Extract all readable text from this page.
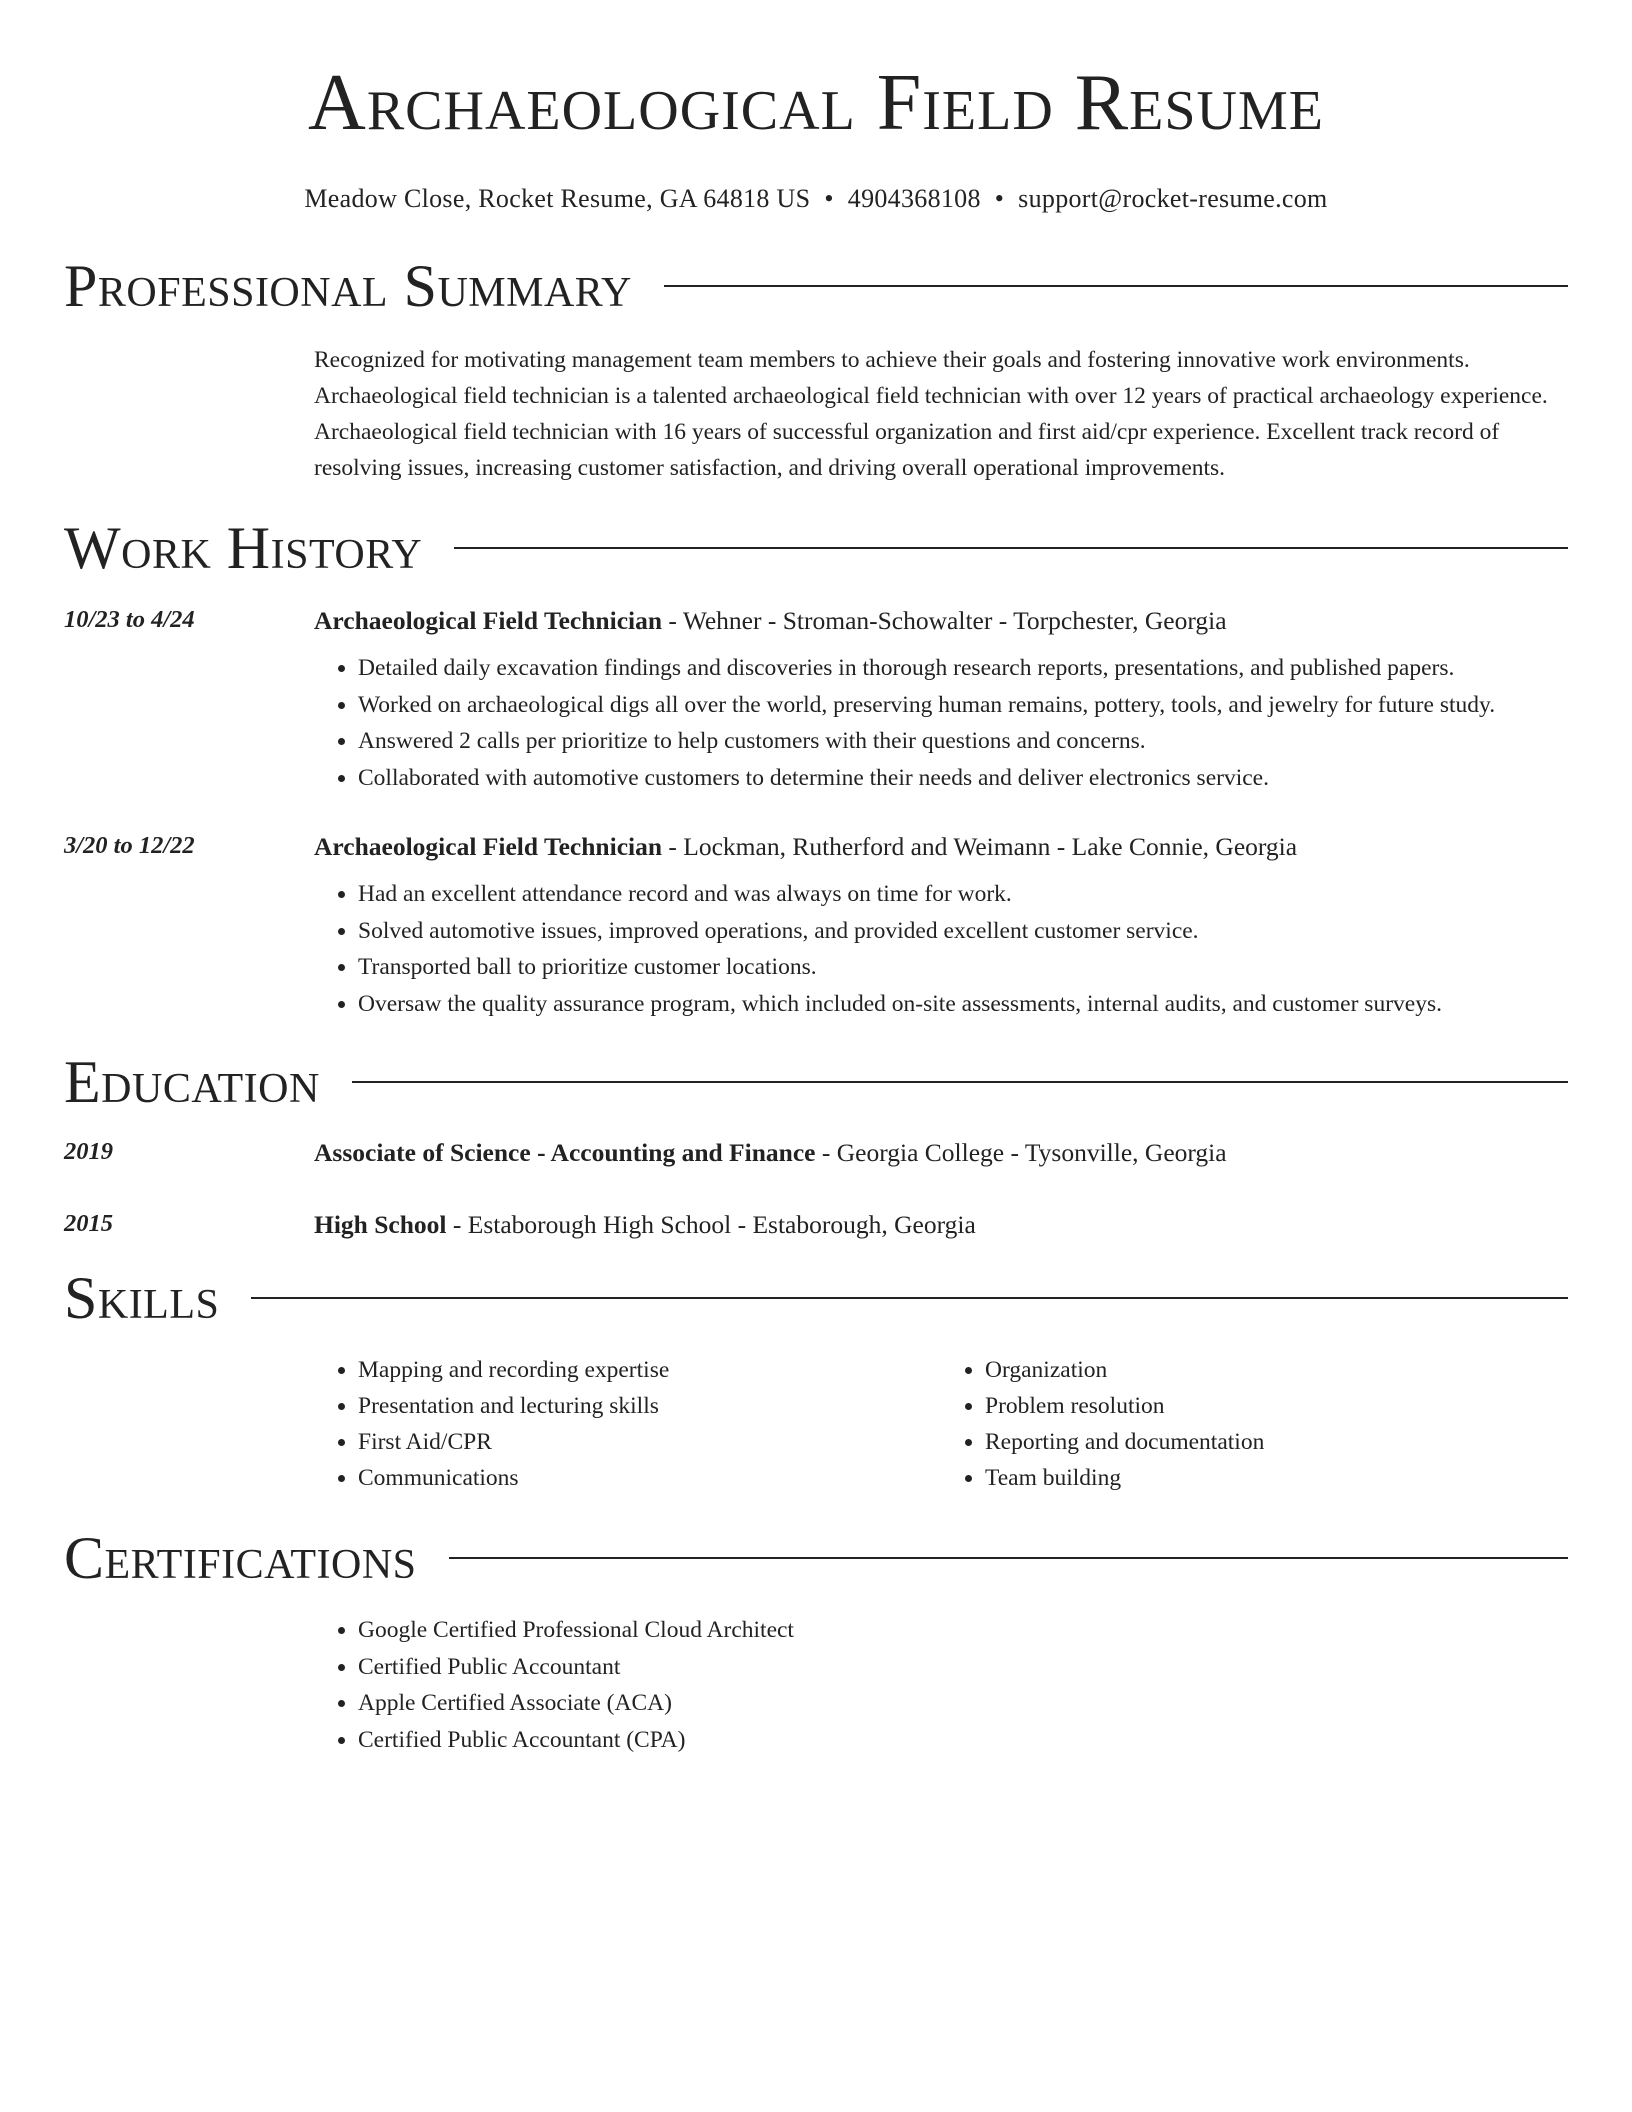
Archaeological Field Resume
Meadow Close, Rocket Resume, GA 64818 US • 4904368108 • support@rocket-resume.com
Professional Summary
Recognized for motivating management team members to achieve their goals and fostering innovative work environments. Archaeological field technician is a talented archaeological field technician with over 12 years of practical archaeology experience. Archaeological field technician with 16 years of successful organization and first aid/cpr experience. Excellent track record of resolving issues, increasing customer satisfaction, and driving overall operational improvements.
Work History
10/23 to 4/24	Archaeological Field Technician - Wehner - Stroman-Schowalter - Torpchester, Georgia
• Detailed daily excavation findings and discoveries in thorough research reports, presentations, and published papers.
• Worked on archaeological digs all over the world, preserving human remains, pottery, tools, and jewelry for future study.
• Answered 2 calls per prioritize to help customers with their questions and concerns.
• Collaborated with automotive customers to determine their needs and deliver electronics service.
3/20 to 12/22	Archaeological Field Technician - Lockman, Rutherford and Weimann - Lake Connie, Georgia
• Had an excellent attendance record and was always on time for work.
• Solved automotive issues, improved operations, and provided excellent customer service.
• Transported ball to prioritize customer locations.
• Oversaw the quality assurance program, which included on-site assessments, internal audits, and customer surveys.
Education
2019	Associate of Science - Accounting and Finance - Georgia College - Tysonville, Georgia
2015	High School - Estaborough High School - Estaborough, Georgia
Skills
• Mapping and recording expertise
• Presentation and lecturing skills
• First Aid/CPR
• Communications
• Organization
• Problem resolution
• Reporting and documentation
• Team building
Certifications
• Google Certified Professional Cloud Architect
• Certified Public Accountant
• Apple Certified Associate (ACA)
• Certified Public Accountant (CPA)
